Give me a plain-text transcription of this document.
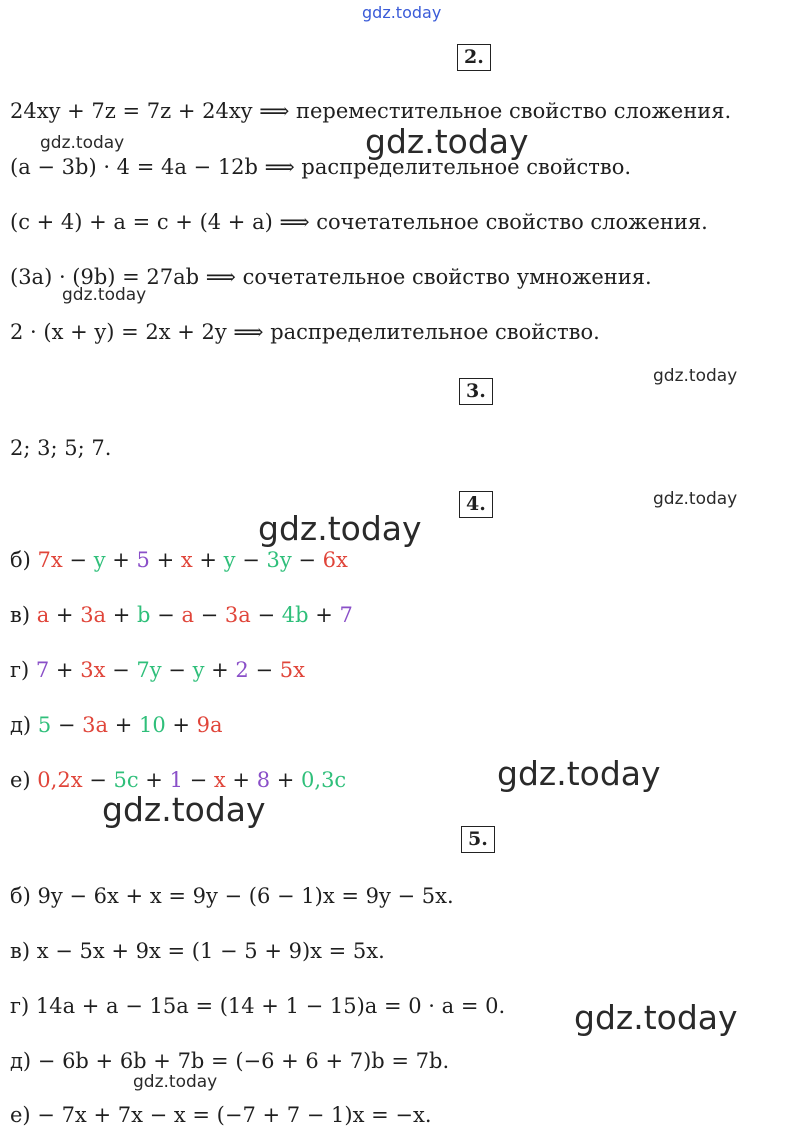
gdz.today
2.
24xy + 7z = 7z + 24xy ⟹ переместительное свойство сложения.
gdz.today	gdz.today
(a − 3b) · 4 = 4a − 12b ⟹ распределительное свойство.
(c + 4) + a = c + (4 + a) ⟹ сочетательное свойство сложения.
(3a) · (9b) = 27ab ⟹ сочетательное свойство умножения.
gdz.today
2 · (x + y) = 2x + 2y ⟹ распределительное свойство.
3.
gdz.today
2; 3; 5; 7.
4.	gdz.today
gdz.today
б) 7x − y + 5 + x + y − 3y − 6x
в) a + 3a + b − a − 3a − 4b + 7
г) 7 + 3x − 7y − y + 2 − 5x
д) 5 − 3a + 10 + 9a
gdz.today
е) 0,2x − 5c + 1 − x + 8 + 0,3c
gdz.today
5.
б) 9y − 6x + x = 9y − (6 − 1)x = 9y − 5x.
в) x − 5x + 9x = (1 − 5 + 9)x = 5x.
г) 14a + a − 15a = (14 + 1 − 15)a = 0 · a = 0. gdz.today
д) − 6b + 6b + 7b = (−6 + 6 + 7)b = 7b.
gdz.today
е) − 7x + 7x − x = (−7 + 7 − 1)x = −x.
